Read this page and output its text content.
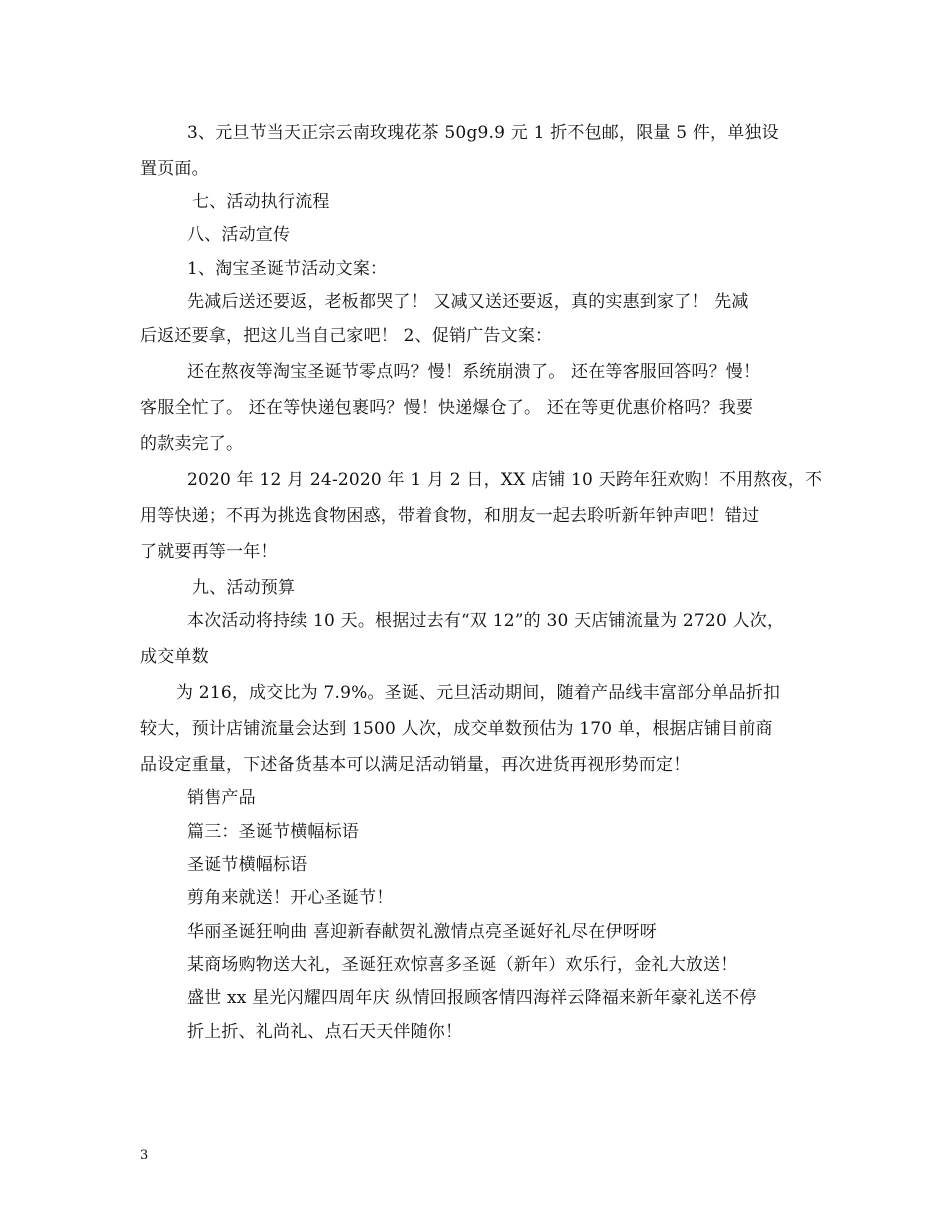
3、元旦节当天正宗云南玫瑰花茶 50g9.9 元 1 折不包邮，限量 5 件，单独设
置页面。
七、活动执行流程
八、活动宣传
1、淘宝圣诞节活动文案：
先减后送还要返，老板都哭了！ 又减又送还要返，真的实惠到家了！ 先减
后返还要拿，把这儿当自己家吧！ 2、促销广告文案：
还在熬夜等淘宝圣诞节零点吗？慢！系统崩溃了。 还在等客服回答吗？慢！
客服全忙了。 还在等快递包裹吗？慢！快递爆仓了。 还在等更优惠价格吗？我要
的款卖完了。
2020 年 12 月 24-2020 年 1 月 2 日，XX 店铺 10 天跨年狂欢购！不用熬夜，不
用等快递；不再为挑选食物困惑，带着食物，和朋友一起去聆听新年钟声吧！错过
了就要再等一年！
九、活动预算
本次活动将持续 10 天。根据过去有“双 12”的 30 天店铺流量为 2720 人次，
成交单数
为 216，成交比为 7.9%。圣诞、元旦活动期间，随着产品线丰富部分单品折扣
较大，预计店铺流量会达到 1500 人次，成交单数预估为 170 单，根据店铺目前商
品设定重量，下述备货基本可以满足活动销量，再次进货再视形势而定！
销售产品
篇三：圣诞节横幅标语
圣诞节横幅标语
剪角来就送！开心圣诞节！
华丽圣诞狂响曲 喜迎新春献贺礼激情点亮圣诞好礼尽在伊呀呀
某商场购物送大礼，圣诞狂欢惊喜多圣诞（新年）欢乐行，金礼大放送！
盛世 xx 星光闪耀四周年庆 纵情回报顾客情四海祥云降福来新年豪礼送不停
折上折、礼尚礼、点石天天伴随你！
3
